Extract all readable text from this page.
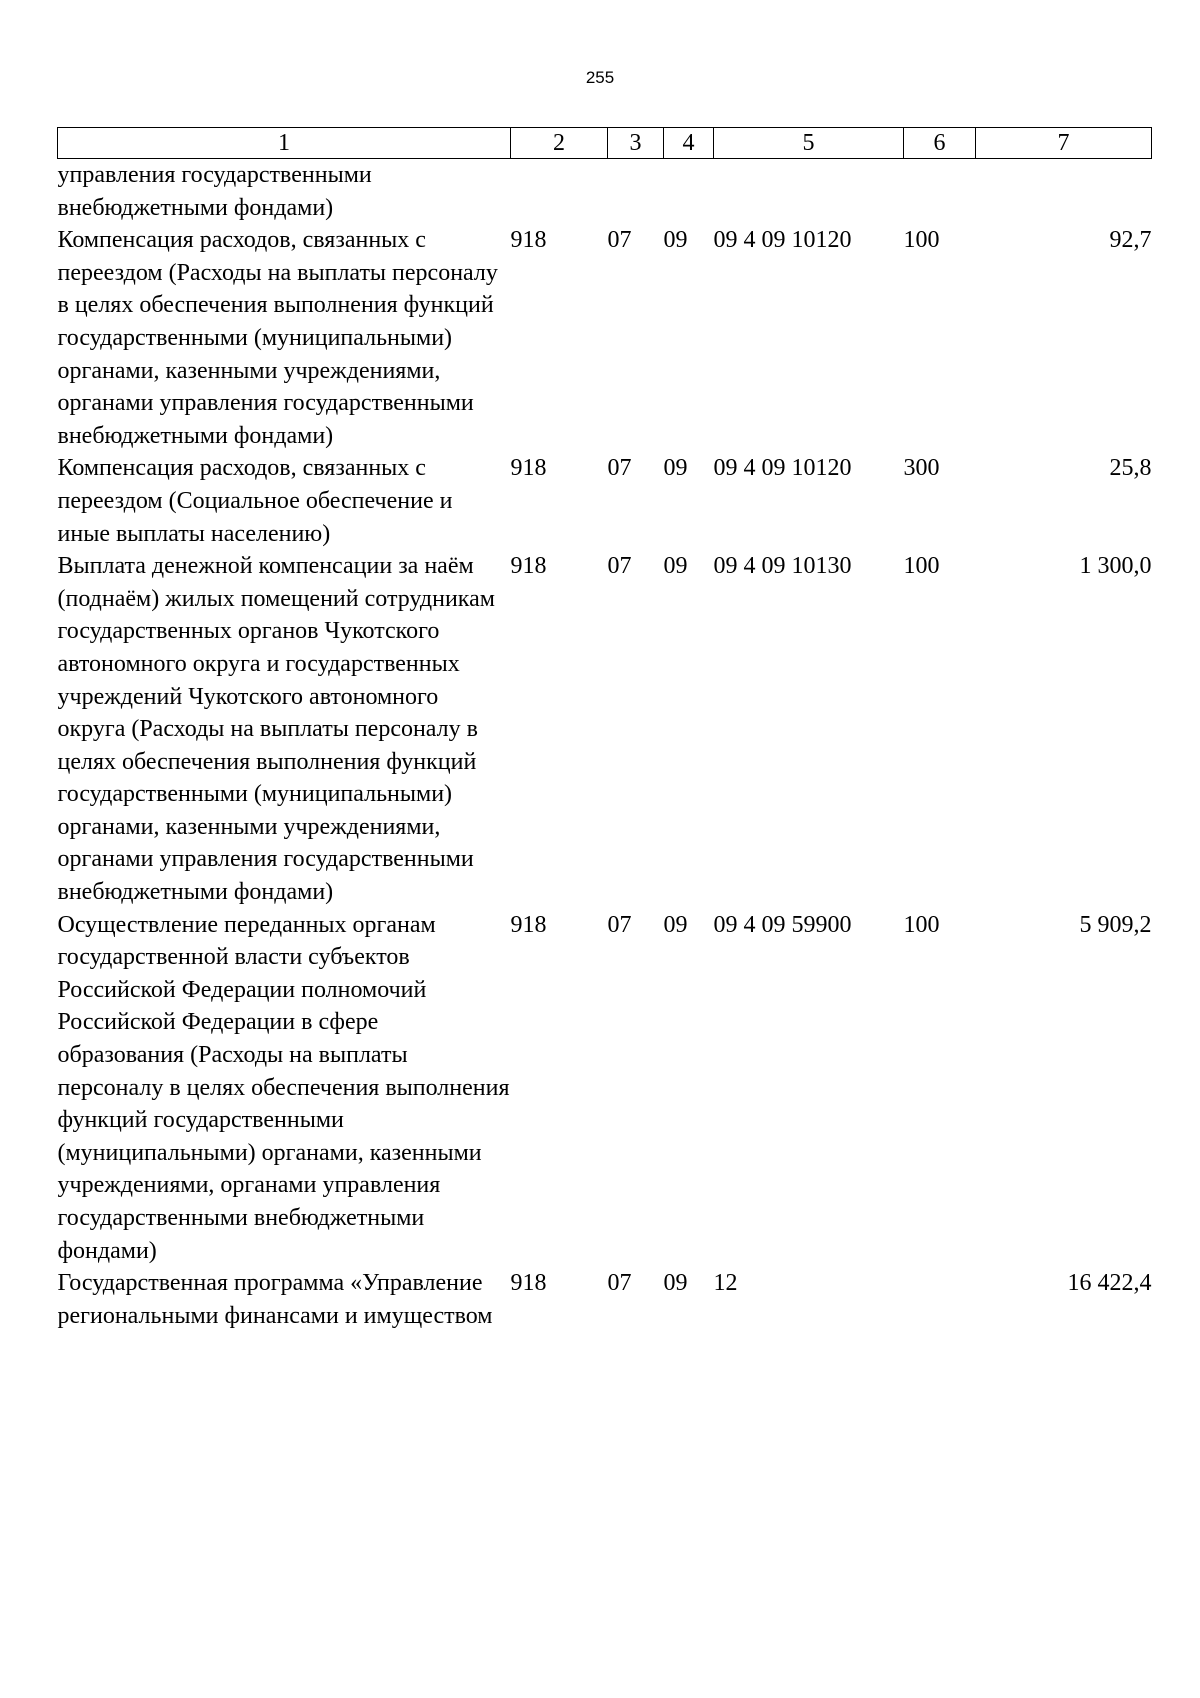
255
1	2	3	4	5	6	7
управления государственными внебюджетными фондами)						
Компенсация расходов, связанных с переездом (Расходы на выплаты персоналу в целях обеспечения выполнения функций государственными (муниципальными) органами, казенными учреждениями, органами управления государственными внебюджетными фондами)	918	07	09	09 4 09 10120	100	92,7
Компенсация расходов, связанных с переездом (Социальное обеспечение и иные выплаты населению)	918	07	09	09 4 09 10120	300	25,8
Выплата денежной компенсации за наём (поднаём) жилых помещений сотрудникам государственных органов Чукотского автономного округа и государственных учреждений Чукотского автономного округа (Расходы на выплаты персоналу в целях обеспечения выполнения функций государственными (муниципальными) органами, казенными учреждениями, органами управления государственными внебюджетными фондами)	918	07	09	09 4 09 10130	100	1 300,0
Осуществление переданных органам государственной власти субъектов Российской Федерации полномочий Российской Федерации в сфере образования (Расходы на выплаты персоналу в целях обеспечения выполнения функций государственными (муниципальными) органами, казенными учреждениями, органами управления государственными внебюджетными фондами)	918	07	09	09 4 09 59900	100	5 909,2
Государственная программа «Управление региональными финансами и имуществом	918	07	09	12		16 422,4
